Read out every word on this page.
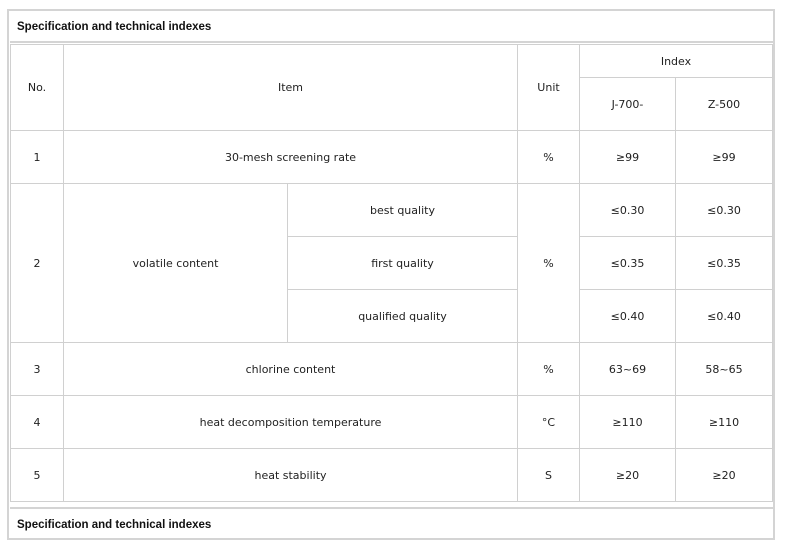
Specification and technical indexes
No.	Item		Unit	Index	
				J-700-	Z-500
1	30-mesh screening rate		%	≥99	≥99
2	volatile content	best quality	%	≤0.30	≤0.30
		first quality		≤0.35	≤0.35
		qualified quality		≤0.40	≤0.40
3	chlorine content		%	63~69	58~65
4	heat decomposition temperature		°C	≥110	≥110
5	heat stability		S	≥20	≥20
Specification and technical indexes
